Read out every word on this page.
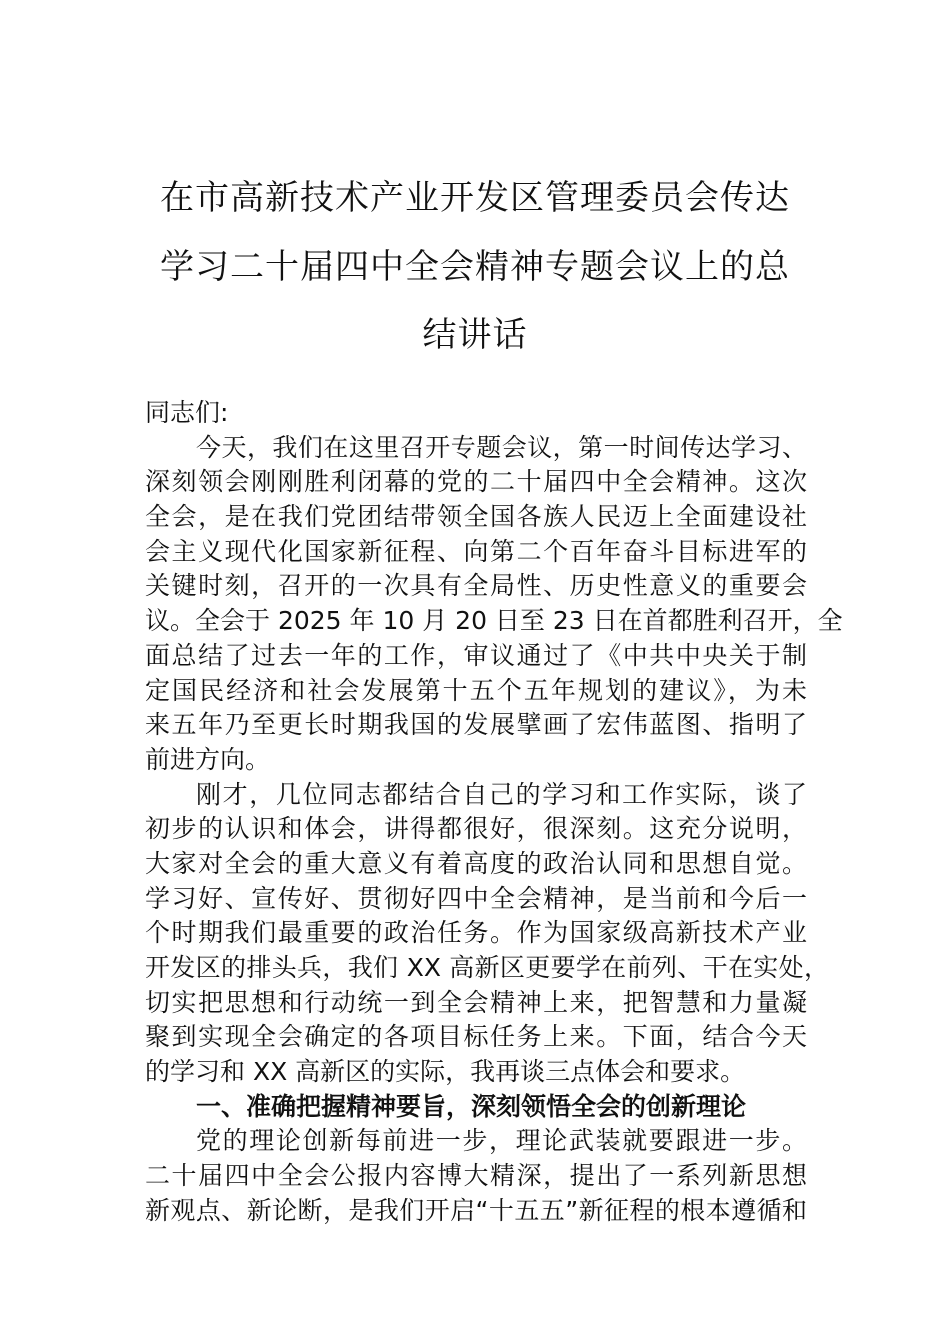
在市高新技术产业开发区管理委员会传达
学习二十届四中全会精神专题会议上的总
结讲话
同志们:
今天，我们在这里召开专题会议，第一时间传达学习、
深刻领会刚刚胜利闭幕的党的二十届四中全会精神。这次
全会，是在我们党团结带领全国各族人民迈上全面建设社
会主义现代化国家新征程、向第二个百年奋斗目标进军的
关键时刻，召开的一次具有全局性、历史性意义的重要会
议。全会于 2025 年 10 月 20 日至 23 日在首都胜利召开，全
面总结了过去一年的工作，审议通过了《中共中央关于制
定国民经济和社会发展第十五个五年规划的建议》，为未
来五年乃至更长时期我国的发展擘画了宏伟蓝图、指明了
前进方向。
刚才，几位同志都结合自己的学习和工作实际，谈了
初步的认识和体会，讲得都很好，很深刻。这充分说明，
大家对全会的重大意义有着高度的政治认同和思想自觉。
学习好、宣传好、贯彻好四中全会精神，是当前和今后一
个时期我们最重要的政治任务。作为国家级高新技术产业
开发区的排头兵，我们 XX 高新区更要学在前列、干在实处，
切实把思想和行动统一到全会精神上来，把智慧和力量凝
聚到实现全会确定的各项目标任务上来。下面，结合今天
的学习和 XX 高新区的实际，我再谈三点体会和要求。
一、准确把握精神要旨，深刻领悟全会的创新理论
党的理论创新每前进一步，理论武装就要跟进一步。
二十届四中全会公报内容博大精深，提出了一系列新思想
新观点、新论断，是我们开启“十五五”新征程的根本遵循和
